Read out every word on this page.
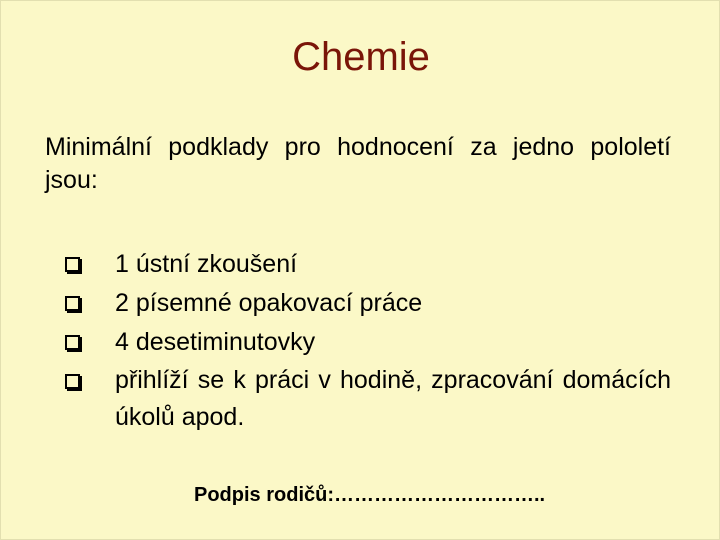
Chemie
Minimální podklady pro hodnocení za jedno pololetí jsou:
1 ústní zkoušení
2 písemné opakovací práce
4 desetiminutovky
přihlíží se k práci v hodině, zpracování domácích úkolů apod.
Podpis rodičů:…………………………..
